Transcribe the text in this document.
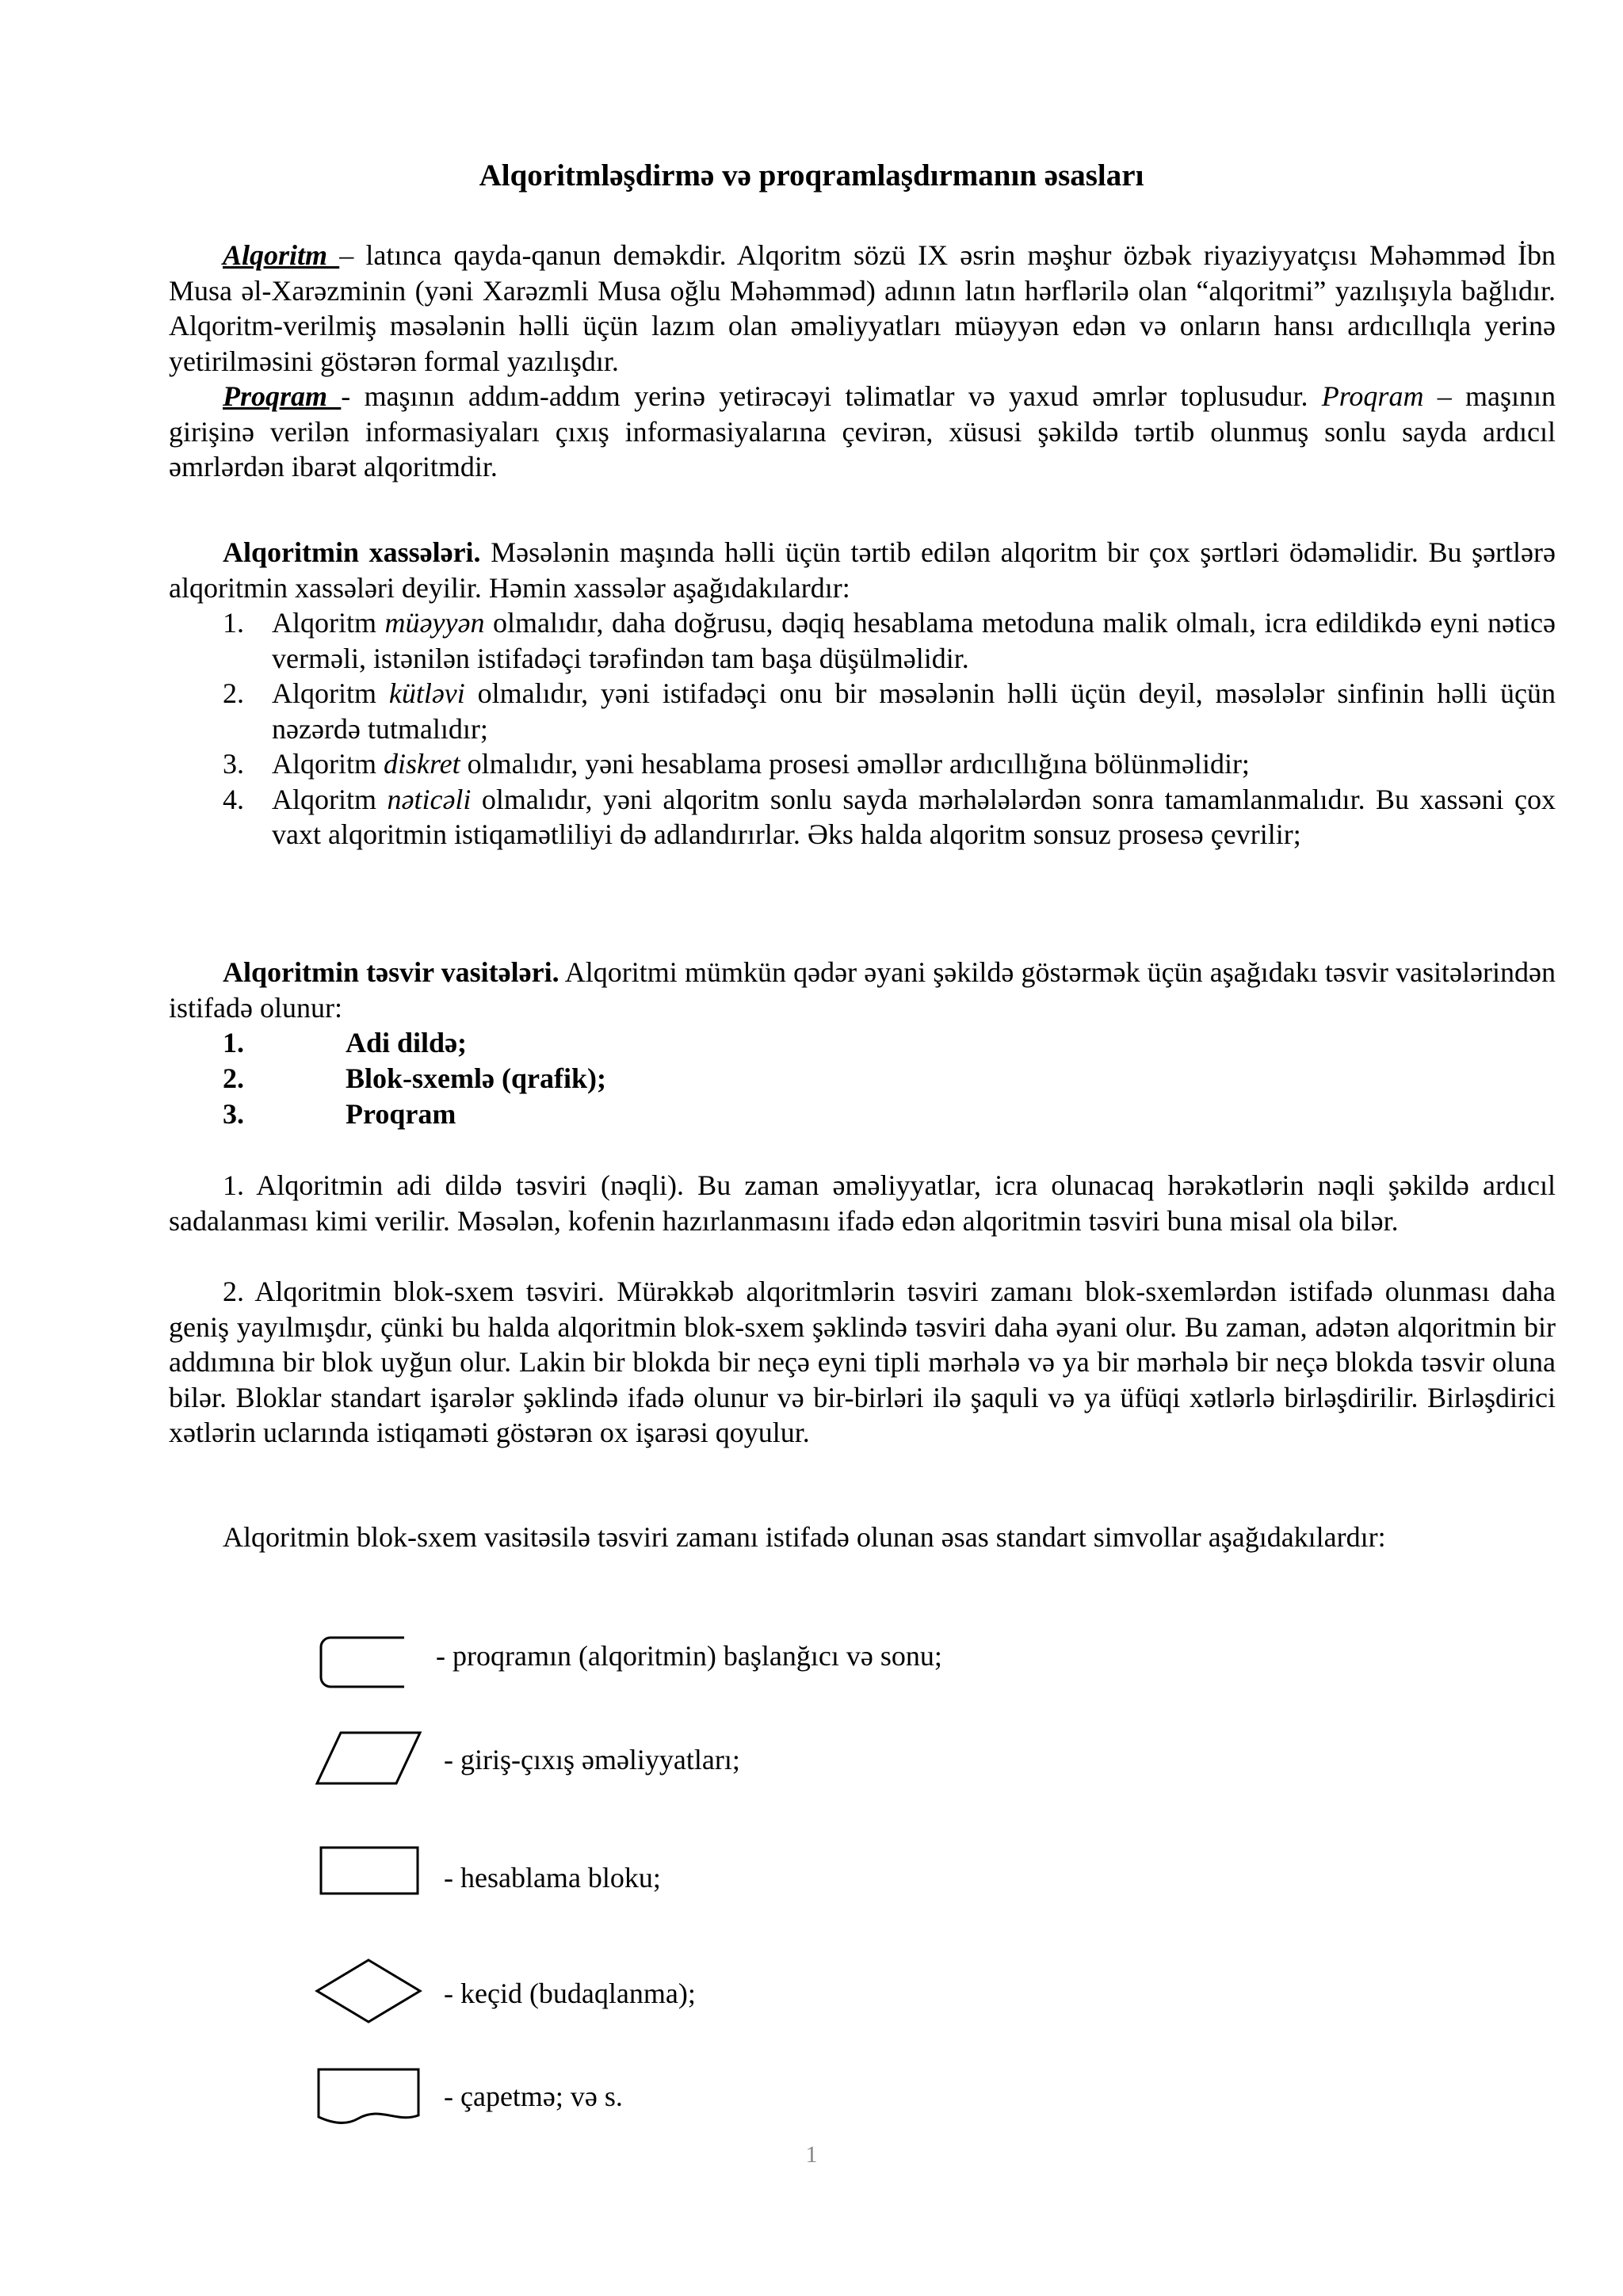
Alqoritmləşdirmə və proqramlaşdırmanın əsasları
Alqoritm – latınca qayda-qanun deməkdir. Alqoritm sözü IX əsrin məşhur özbək riyaziyyatçısı Məhəmməd İbn Musa əl-Xarəzminin (yəni Xarəzmli Musa oğlu Məhəmməd) adının latın hərflərilə olan “alqoritmi” yazılışıyla bağlıdır. Alqoritm-verilmiş məsələnin həlli üçün lazım olan əməliyyatları müəyyən edən və onların hansı ardıcıllıqla yerinə yetirilməsini göstərən formal yazılışdır.
Proqram - maşının addım-addım yerinə yetirəcəyi təlimatlar və yaxud əmrlər toplusudur. Proqram – maşının girişinə verilən informasiyaları çıxış informasiyalarına çevirən, xüsusi şəkildə tərtib olunmuş sonlu sayda ardıcıl əmrlərdən ibarət alqoritmdir.
Alqoritmin xassələri. Məsələnin maşında həlli üçün tərtib edilən alqoritm bir çox şərtləri ödəməlidir. Bu şərtlərə alqoritmin xassələri deyilir. Həmin xassələr aşağıdakılardır:
1. Alqoritm müəyyən olmalıdır, daha doğrusu, dəqiq hesablama metoduna malik olmalı, icra edildikdə eyni nəticə verməli, istənilən istifadəçi tərəfindən tam başa düşülməlidir.
2. Alqoritm kütləvi olmalıdır, yəni istifadəçi onu bir məsələnin həlli üçün deyil, məsələlər sinfinin həlli üçün nəzərdə tutmalıdır;
3. Alqoritm diskret olmalıdır, yəni hesablama prosesi əməllər ardıcıllığına bölünməlidir;
4. Alqoritm nəticəli olmalıdır, yəni alqoritm sonlu sayda mərhələlərdən sonra tamamlanmalıdır. Bu xassəni çox vaxt alqoritmin istiqamətliliyi də adlandırırlar. Əks halda alqoritm sonsuz prosesə çevrilir;
Alqoritmin təsvir vasitələri. Alqoritmi mümkün qədər əyani şəkildə göstərmək üçün aşağıdakı təsvir vasitələrindən istifadə olunur:
1.	Adi dildə;
2.	Blok-sxemlə (qrafik);
3.	Proqram
1. Alqoritmin adi dildə təsviri (nəqli). Bu zaman əməliyyatlar, icra olunacaq hərəkətlərin nəqli şəkildə ardıcıl sadalanması kimi verilir. Məsələn, kofenin hazırlanmasını ifadə edən alqoritmin təsviri buna misal ola bilər.
2. Alqoritmin blok-sxem təsviri. Mürəkkəb alqoritmlərin təsviri zamanı blok-sxemlərdən istifadə olunması daha geniş yayılmışdır, çünki bu halda alqoritmin blok-sxem şəklində təsviri daha əyani olur. Bu zaman, adətən alqoritmin bir addımına bir blok uyğun olur. Lakin bir blokda bir neçə eyni tipli mərhələ və ya bir mərhələ bir neçə blokda təsvir oluna bilər. Bloklar standart işarələr şəklində ifadə olunur və bir-birləri ilə şaquli və ya üfüqi xətlərlə birləşdirilir. Birləşdirici xətlərin uclarında istiqaməti göstərən ox işarəsi qoyulur.
Alqoritmin blok-sxem vasitəsilə təsviri zamanı istifadə olunan əsas standart simvollar aşağıdakılardır:
- proqramın (alqoritmin) başlanğıcı və sonu;
- giriş-çıxış əməliyyatları;
- hesablama bloku;
- keçid (budaqlanma);
- çapetmə; və s.
1
